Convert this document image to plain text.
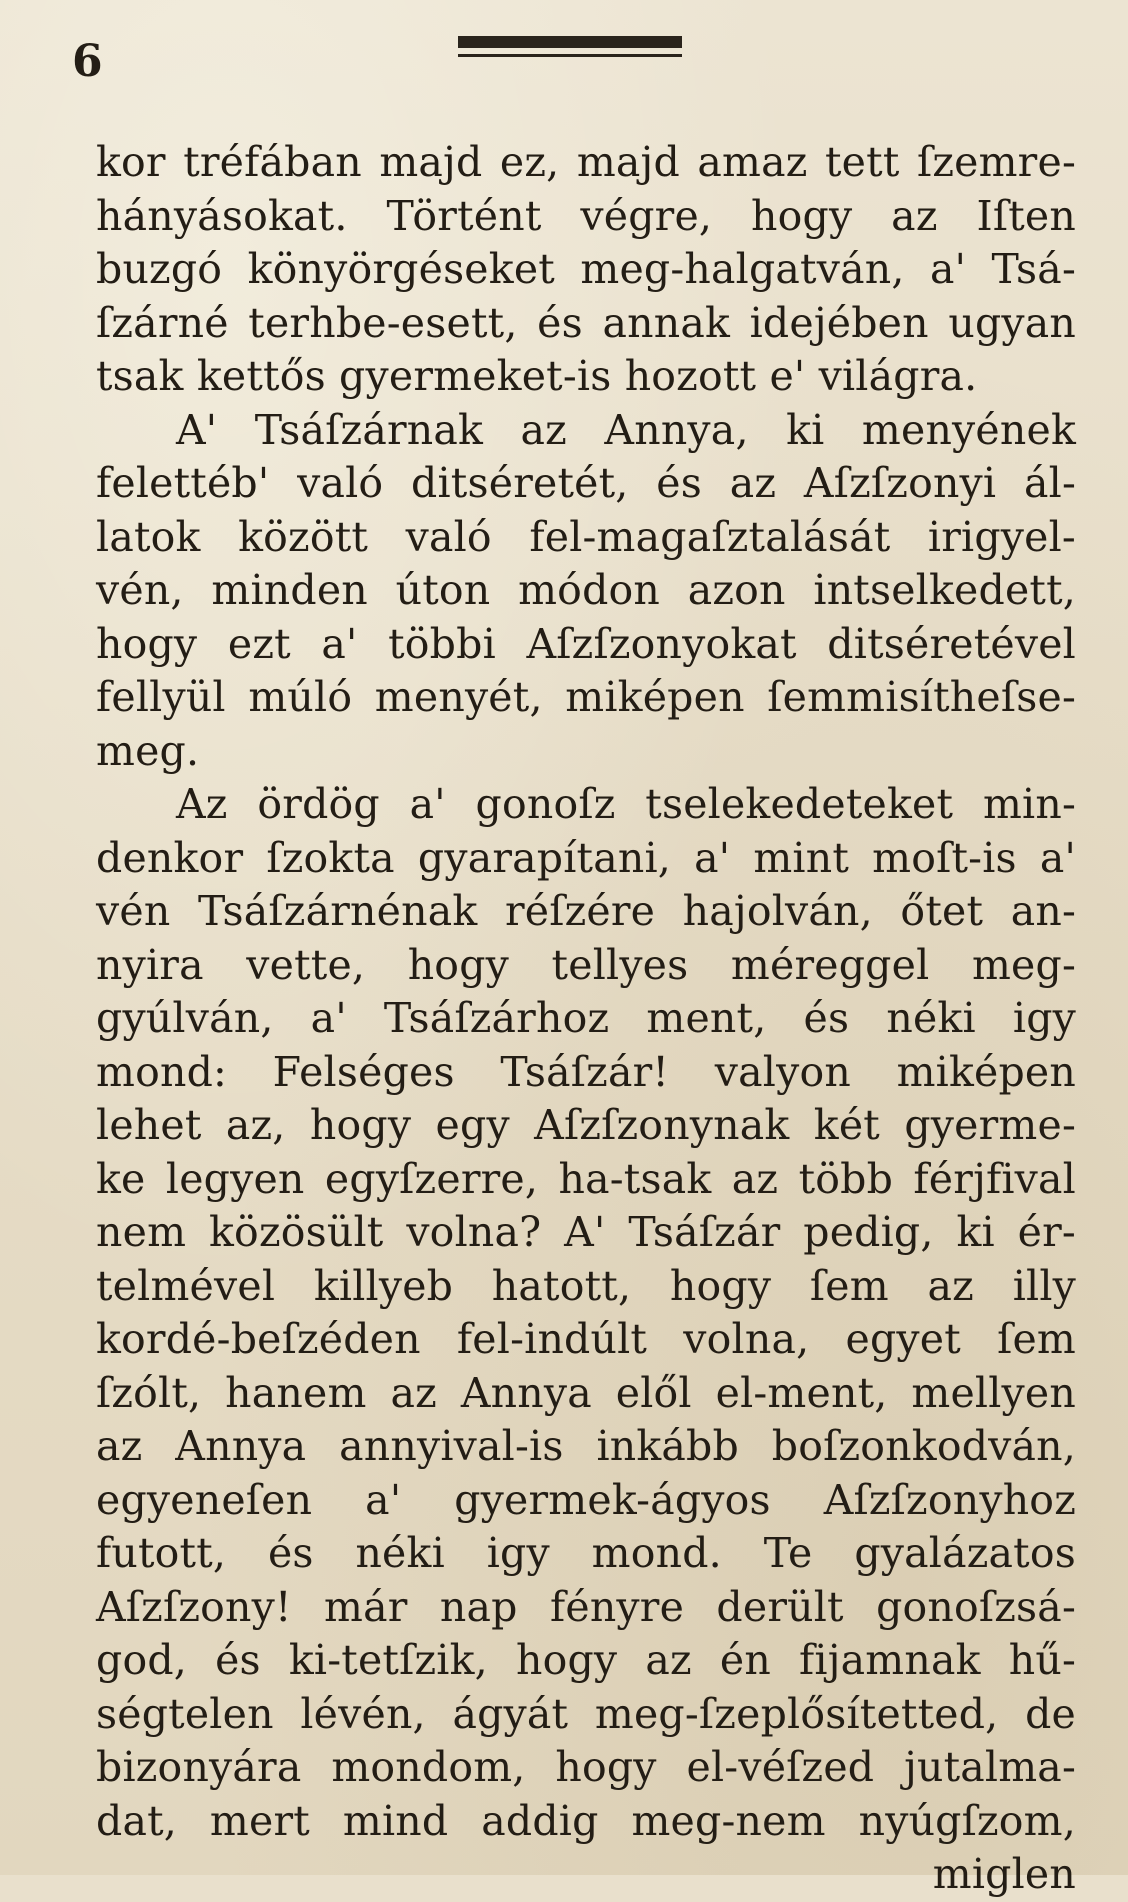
6
kor tréfában majd ez, majd amaz tett ſzemre-
hányásokat. Történt végre, hogy az Iſten
buzgó könyörgéseket meg-halgatván, a' Tsá-
ſzárné terhbe-esett, és annak idejében ugyan
tsak kettős gyermeket-is hozott e' világra.
A' Tsáſzárnak az Annya, ki menyének
felettéb' való ditséretét, és az Aſzſzonyi ál-
latok között való fel-magaſztalását irigyel-
vén, minden úton módon azon intselkedett,
hogy ezt a' többi Aſzſzonyokat ditséretével
fellyül múló menyét, miképen ſemmisítheſse-
meg.
Az ördög a' gonoſz tselekedeteket min-
denkor ſzokta gyarapítani, a' mint moſt-is a'
vén Tsáſzárnénak réſzére hajolván, őtet an-
nyira vette, hogy tellyes méreggel meg-
gyúlván, a' Tsáſzárhoz ment, és néki igy
mond: Felséges Tsáſzár! valyon miképen
lehet az, hogy egy Aſzſzonynak két gyerme-
ke legyen egyſzerre, ha-tsak az több férjfival
nem közösült volna? A' Tsáſzár pedig, ki ér-
telmével killyeb hatott, hogy ſem az illy
kordé-beſzéden fel-indúlt volna, egyet ſem
ſzólt, hanem az Annya elől el-ment, mellyen
az Annya annyival-is inkább boſzonkodván,
egyeneſen a' gyermek-ágyos Aſzſzonyhoz
futott, és néki igy mond. Te gyalázatos
Aſzſzony! már nap fényre derült gonoſzsá-
god, és ki-tetſzik, hogy az én fijamnak hű-
ségtelen lévén, ágyát meg-ſzeplősítetted, de
bizonyára mondom, hogy el-véſzed jutalma-
dat, mert mind addig meg-nem nyúgſzom,
miglen
